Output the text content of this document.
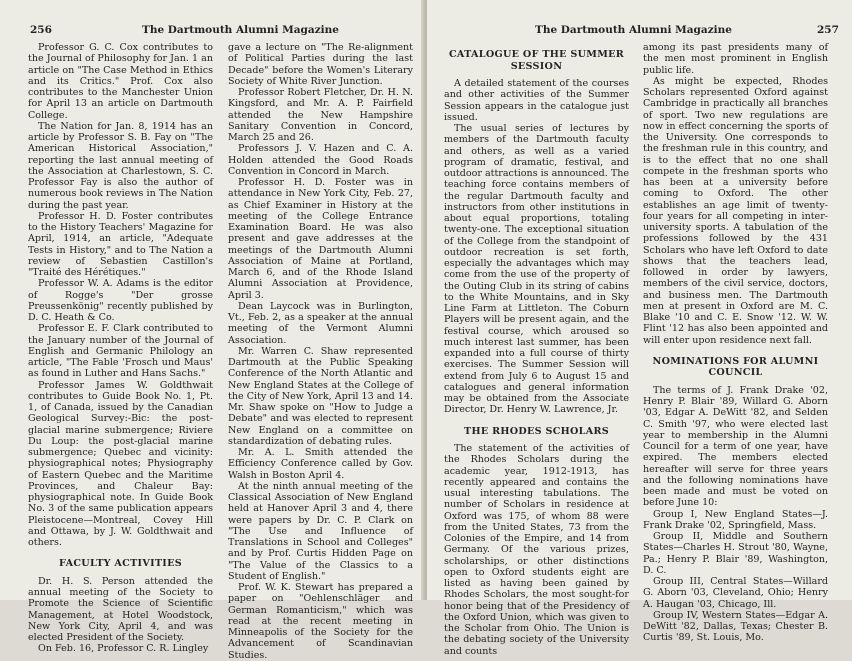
256	The Dartmouth Alumni Magazine

Professor G. C. Cox contributes to the Journal of Philosophy for Jan. 1 an article on "The Case Method in Ethics and its Critics." Prof. Cox also contributes to the Manchester Union for April 13 an article on Dartmouth College.

The Nation for Jan. 8, 1914 has an article by Professor S. B. Fay on "The American Historical Association," reporting the last annual meeting of the Association at Charlestown, S. C. Professor Fay is also the author of numerous book reviews in The Nation during the past year.

Professor H. D. Foster contributes to the History Teachers' Magazine for April, 1914, an article, "Adequate Tests in History," and to The Nation a review of Sebastien Castillon's "Traité des Hérétiques."

Professor W. A. Adams is the editor of Rogge's "Der grosse Preussenkönig" recently published by D. C. Heath & Co.

Professor E. F. Clark contributed to the January number of the Journal of English and Germanic Philology an article, "The Fable 'Frosch und Maus' as found in Luther and Hans Sachs."

Professor James W. Goldthwait contributes to Guide Book No. 1, Pt. 1, of Canada, issued by the Canadian Geological Survey:-Bic: the post-glacial marine submergence; Riviere Du Loup: the post-glacial marine submergence; Quebec and vicinity: physiographical notes; Physiography of Eastern Quebec and the Maritime Provinces, and Chaleur Bay: physiographical note. In Guide Book No. 3 of the same publication appears Pleistocene—Montreal, Covey Hill and Ottawa, by J. W. Goldthwait and others.

FACULTY ACTIVITIES

Dr. H. S. Person attended the annual meeting of the Society to Promote the Science of Scientific Management, at Hotel Woodstock, New York City, April 4, and was elected President of the Society.

On Feb. 16, Professor C. R. Lingley

gave a lecture on "The Re-alignment of Political Parties during the last Decade" before the Women's Literary Society of White River Junction.

Professor Robert Fletcher, Dr. H. N. Kingsford, and Mr. A. P. Fairfield attended the New Hampshire Sanitary Convention in Concord, March 25 and 26.

Professors J. V. Hazen and C. A. Holden attended the Good Roads Convention in Concord in March.

Professor H. D. Foster was in attendance in New York City, Feb. 27, as Chief Examiner in History at the meeting of the College Entrance Examination Board. He was also present and gave addresses at the meetings of the Dartmouth Alumni Association of Maine at Portland, March 6, and of the Rhode Island Alumni Association at Providence, April 3.

Dean Laycock was in Burlington, Vt., Feb. 2, as a speaker at the annual meeting of the Vermont Alumni Association.

Mr. Warren C. Shaw represented Dartmouth at the Public Speaking Conference of the North Atlantic and New England States at the College of the City of New York, April 13 and 14. Mr. Shaw spoke on "How to Judge a Debate" and was elected to represent New England on a committee on standardization of debating rules.

Mr. A. L. Smith attended the Efficiency Conference called by Gov. Walsh in Boston April 4.

At the ninth annual meeting of the Classical Association of New England held at Hanover April 3 and 4, there were papers by Dr. C. P. Clark on "The Use and Influence of Translations in School and Colleges" and by Prof. Curtis Hidden Page on "The Value of the Classics to a Student of English."

Prof. W. K. Stewart has prepared a paper on "Oehlenschläger and German Romanticism," which was read at the recent meeting in Minneapolis of the Society for the Advancement of Scandinavian Studies.

The Dartmouth Alumni Magazine	257
CATALOGUE OF THE SUMMER SESSION

A detailed statement of the courses and other activities of the Summer Session appears in the catalogue just issued.

The usual series of lectures by members of the Dartmouth faculty and others, as well as a varied program of dramatic, festival, and outdoor attractions is announced. The teaching force contains members of the regular Dartmouth faculty and instructors from other institutions in about equal proportions, totaling twenty-one. The exceptional situation of the College from the standpoint of outdoor recreation is set forth, especially the advantages which may come from the use of the property of the Outing Club in its string of cabins to the White Mountains, and in Sky Line Farm at Littleton. The Coburn Players will be present again, and the festival course, which aroused so much interest last summer, has been expanded into a full course of thirty exercises. The Summer Session will extend from July 6 to August 15 and catalogues and general information may be obtained from the Associate Director, Dr. Henry W. Lawrence, Jr.

THE RHODES SCHOLARS

The statement of the activities of the Rhodes Scholars during the academic year, 1912-1913, has recently appeared and contains the usual interesting tabulations. The number of Scholars in residence at Oxford was 175, of whom 88 were from the United States, 73 from the Colonies of the Empire, and 14 from Germany. Of the various prizes, scholarships, or other distinctions open to Oxford students eight are listed as having been gained by Rhodes Scholars, the most sought-for honor being that of the Presidency of the Oxford Union, which was given to the Scholar from Ohio. The Union is the debating society of the University and counts

among its past presidents many of the men most prominent in English public life.

As might be expected, Rhodes Scholars represented Oxford against Cambridge in practically all branches of sport. Two new regulations are now in effect concerning the sports of the University. One corresponds to the freshman rule in this country, and is to the effect that no one shall compete in the freshman sports who has been at a university before coming to Oxford. The other establishes an age limit of twenty-four years for all competing in inter-university sports. A tabulation of the professions followed by the 431 Scholars who have left Oxford to date shows that the teachers lead, followed in order by lawyers, members of the civil service, doctors, and business men. The Dartmouth men at present in Oxford are M. C. Blake '10 and C. E. Snow '12. W. W. Flint '12 has also been appointed and will enter upon residence next fall.

NOMINATIONS FOR ALUMNI COUNCIL

The terms of J. Frank Drake '02, Henry P. Blair '89, Willard G. Aborn '03, Edgar A. DeWitt '82, and Selden C. Smith '97, who were elected last year to membership in the Alumni Council for a term of one year, have expired. The members elected hereafter will serve for three years and the following nominations have been made and must be voted on before June 10:

Group I, New England States—J. Frank Drake '02, Springfield, Mass.

Group II, Middle and Southern States—Charles H. Strout '80, Wayne, Pa.; Henry P. Blair '89, Washington, D. C.

Group III, Central States—Willard G. Aborn '03, Cleveland, Ohio; Henry A. Haugan '03, Chicago, Ill.

Group IV, Western States—Edgar A. DeWitt '82, Dallas, Texas; Chester B. Curtis '89, St. Louis, Mo.
